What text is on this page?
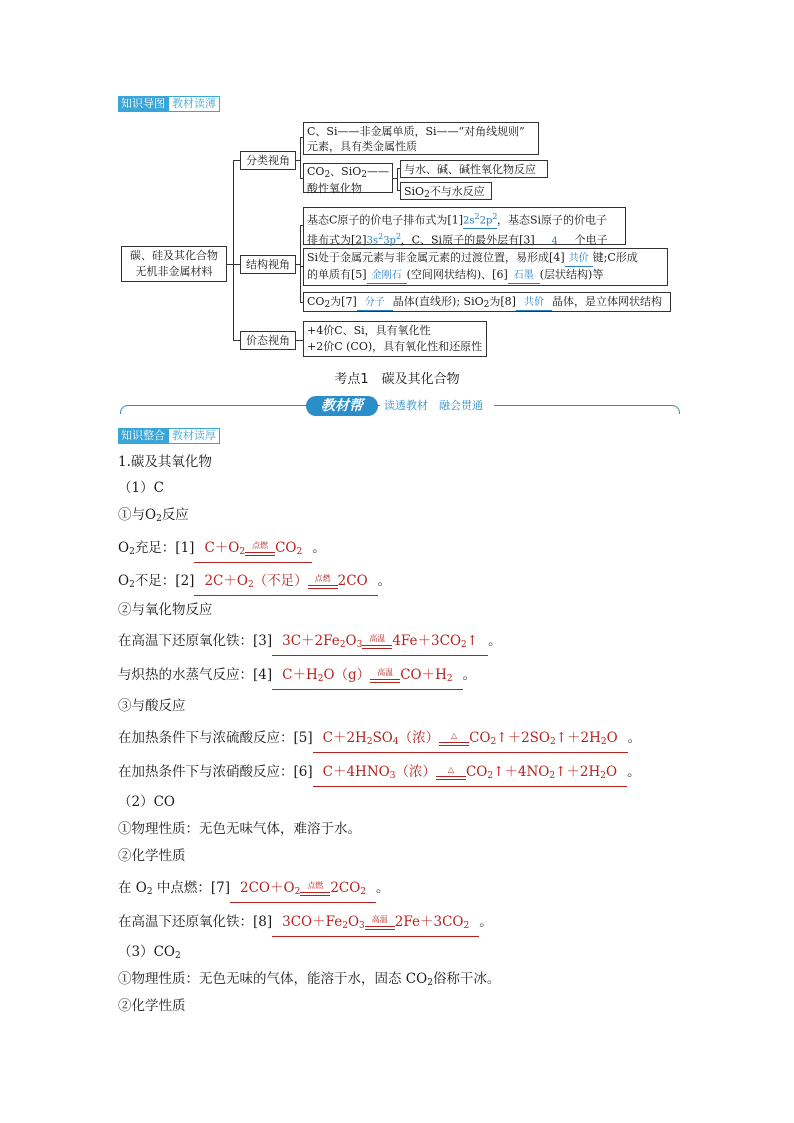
知识导图 教材读薄
碳、硅及其化合物
无机非金属材料
分类视角
结构视角
价态视角
C、Si——非金属单质，Si——“对角线规则”
元素，具有类金属性质
$CO_2$、SiO$_2$——
酸性氧化物
与水、碱、碱性氧化物反应
SiO$_2$不与水反应
基态C原子的价电子排布式为$[1]2s^22p^2$，基态Si原子的价电子
排布式为$[2]3s^23p^2$，C、Si原子的最外层有[3] 4 个电子
Si处于金属元素与非金属元素的过渡位置，易形成[4] 共价 键;C形成
的单质有[5] 金刚石 (空间网状结构)、[6] 石墨 (层状结构)等
$CO_2$为[7] 分子 晶体(直线形); SiO$_2$为[8] 共价 晶体，是立体网状结构
+4价C、Si，具有氧化性
+2价C (CO)，具有氧化性和还原性
考点1　碳及其化合物
教材帮	读透教材　融会贯通
知识整合 教材读厚
1.碳及其氧化物
（1）C
①与$O_2$反应
$O_2$充足：[1] $C+O_2$
点燃 $CO_2$ 。
$O_2$不足：[2] $2C+O_2$（不足） 点燃 2CO 。
②与氧化物反应
在高温下还原氧化铁：[3] $3C+2Fe_2O_3$
高温 $4Fe+3CO_2↑$ 。
与炽热的水蒸气反应：[4] $C+H_2O(g)$ 高温 $CO+H_2$ 。
③与酸反应
在加热条件下与浓硫酸反应：[5] $C+2H_2SO_4$（浓）	△ $CO_2↑+2SO_2↑+2H_2O$ 。
在加热条件下与浓硝酸反应：[6] $C+4HNO_3$（浓）	△ $CO_2↑+4NO_2↑+2H_2O$ 。
（2）CO
①物理性质：无色无味气体，难溶于水。
②化学性质
在 $O_2$ 中点燃：[7] $2CO+O_2$
点燃 $2CO_2$ 。
在高温下还原氧化铁：[8] $3CO+Fe_2O_3$
高温 $2Fe+3CO_2$ 。
$(3)CO_2$
①物理性质：无色无味的气体，能溶于水，固态 $CO_2$俗称干冰。
②化学性质
